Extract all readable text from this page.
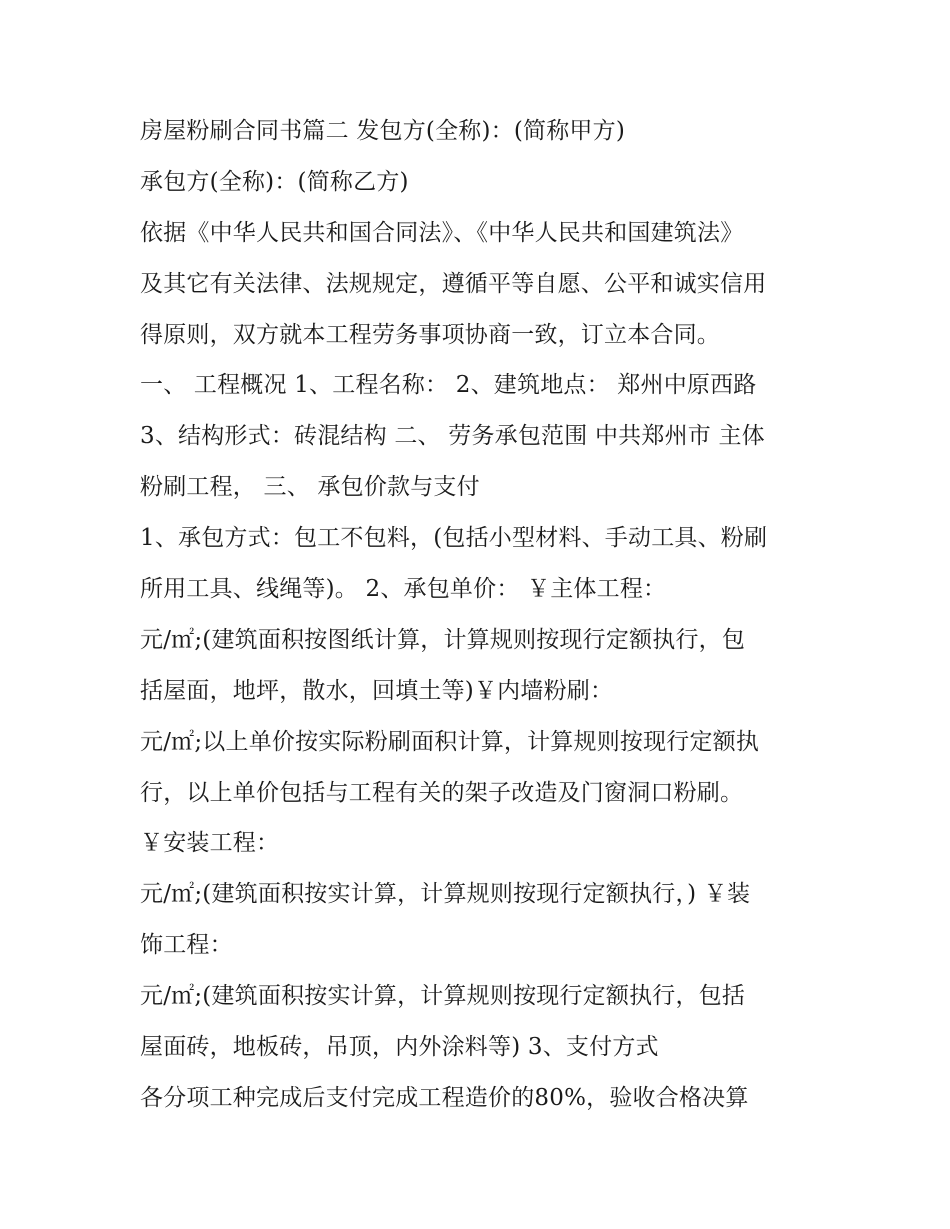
房屋粉刷合同书篇二 发包方(全称)：(简称甲方)
承包方(全称)：(简称乙方)
依据《中华人民共和国合同法》、《中华人民共和国建筑法》
及其它有关法律、法规规定，遵循平等自愿、公平和诚实信用
得原则，双方就本工程劳务事项协商一致，订立本合同。
一、 工程概况 1、工程名称： 2、建筑地点： 郑州中原西路
3、结构形式：砖混结构 二、 劳务承包范围 中共郑州市 主体
粉刷工程， 三、 承包价款与支付
1、承包方式：包工不包料，(包括小型材料、手动工具、粉刷
所用工具、线绳等)。 2、承包单价： ￥主体工程：
元/㎡;(建筑面积按图纸计算，计算规则按现行定额执行，包
括屋面，地坪，散水，回填土等)￥内墙粉刷：
元/㎡;以上单价按实际粉刷面积计算，计算规则按现行定额执
行，以上单价包括与工程有关的架子改造及门窗洞口粉刷。
￥安装工程：
元/㎡;(建筑面积按实计算，计算规则按现行定额执行，) ￥装
饰工程：
元/㎡;(建筑面积按实计算，计算规则按现行定额执行，包括
屋面砖，地板砖，吊顶，内外涂料等) 3、支付方式
各分项工种完成后支付完成工程造价的80%，验收合格决算
